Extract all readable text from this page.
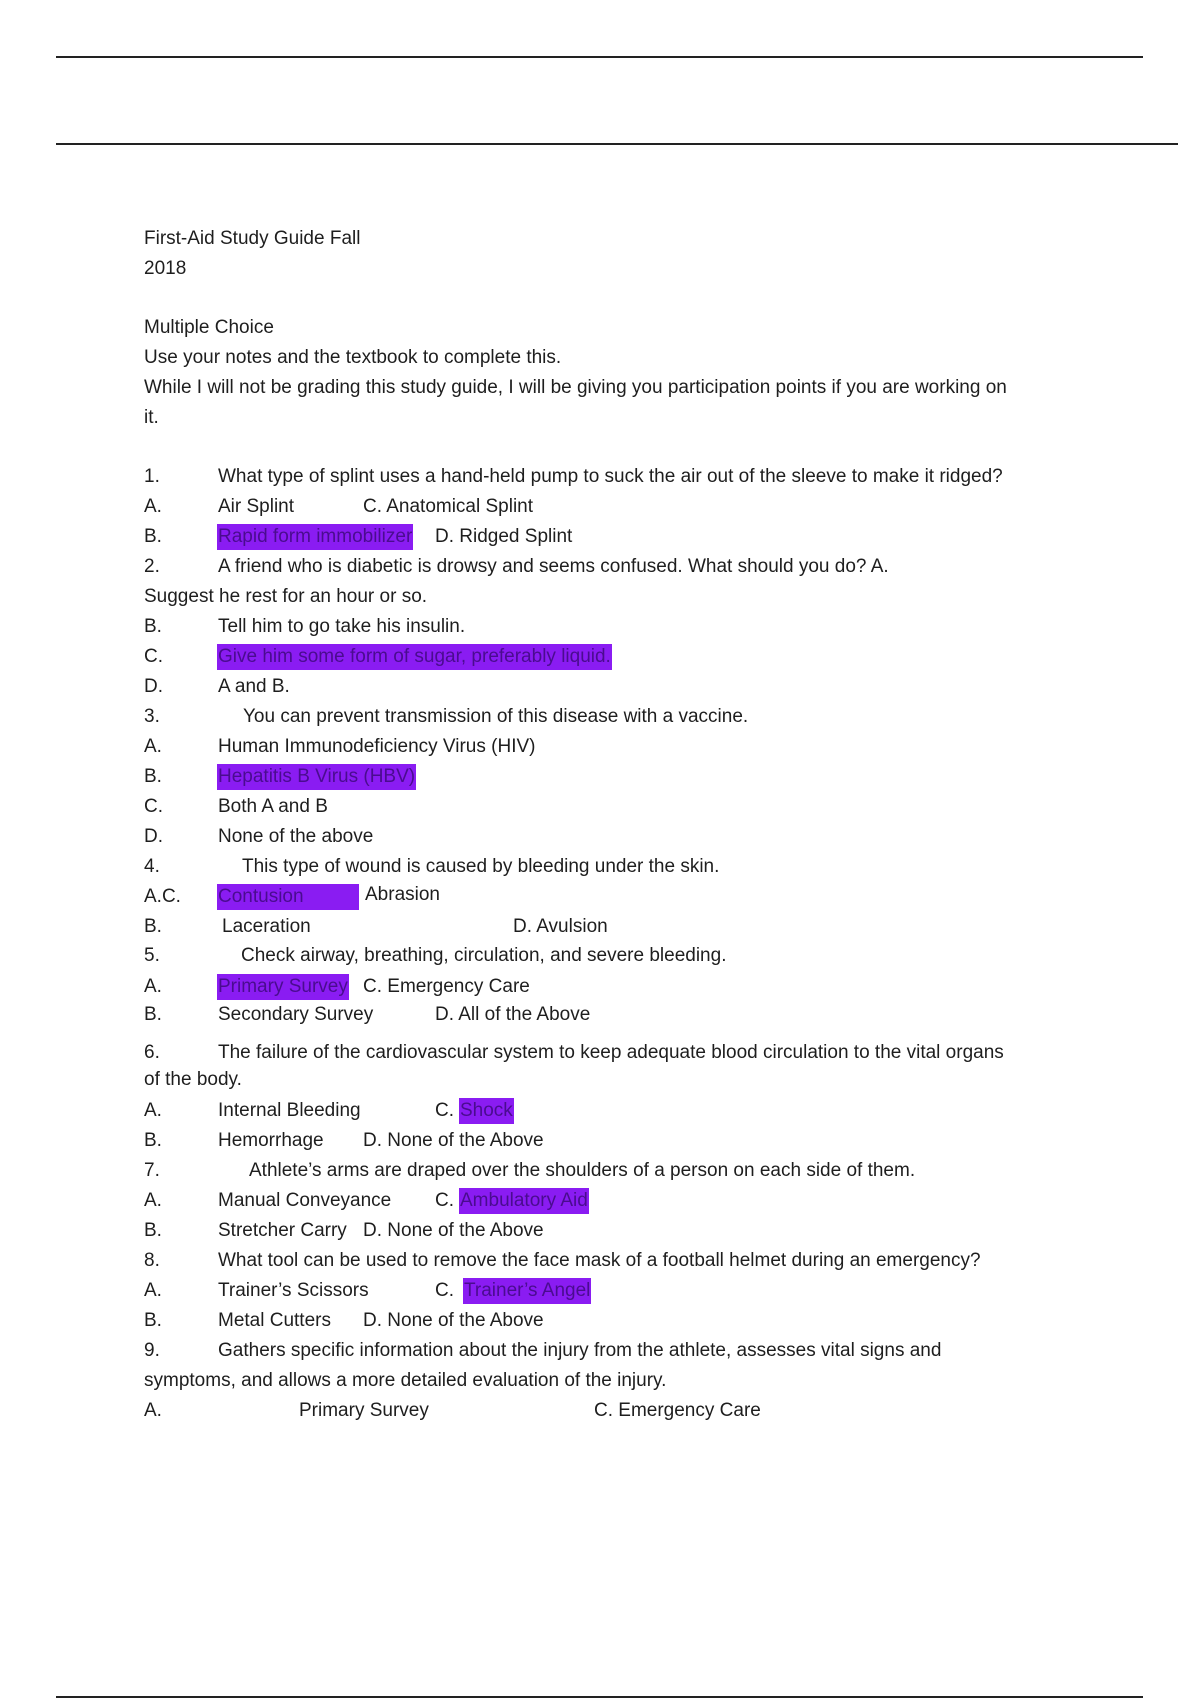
First-Aid Study Guide Fall
2018
Multiple Choice
Use your notes and the textbook to complete this.
While I will not be grading this study guide, I will be giving you participation points if you are working on
it.
1.	What type of splint uses a hand-held pump to suck the air out of the sleeve to make it ridged?
A.	Air Splint	C. Anatomical Splint
B.	Rapid form immobilizer D. Ridged Splint
2.	A friend who is diabetic is drowsy and seems confused. What should you do? A.
Suggest he rest for an hour or so.
B.	Tell him to go take his insulin.
C.	Give him some form of sugar, preferably liquid.
D.	A and B.
3.	You can prevent transmission of this disease with a vaccine.
A.	Human Immunodeficiency Virus (HIV)
B.	Hepatitis B Virus (HBV)
C.	Both A and B
D.	None of the above
4.	This type of wound is caused by bleeding under the skin.
A.C. Contusion	Abrasion
B.	Laceration	D. Avulsion
5.	Check airway, breathing, circulation, and severe bleeding.
A.	Primary Survey C. Emergency Care
B.	Secondary Survey	D. All of the Above
6.	The failure of the cardiovascular system to keep adequate blood circulation to the vital organs
of the body.
A.	Internal Bleeding	C. Shock
B.	Hemorrhage D. None of the Above
7.	Athlete’s arms are draped over the shoulders of a person on each side of them.
A.	Manual Conveyance C. Ambulatory Aid
B.	Stretcher Carry D. None of the Above
8.	What tool can be used to remove the face mask of a football helmet during an emergency?
A.	Trainer’s Scissors	C. Trainer’s Angel
B.	Metal Cutters D. None of the Above
9.	Gathers specific information about the injury from the athlete, assesses vital signs and
symptoms, and allows a more detailed evaluation of the injury.
A.	Primary Survey	C. Emergency Care
